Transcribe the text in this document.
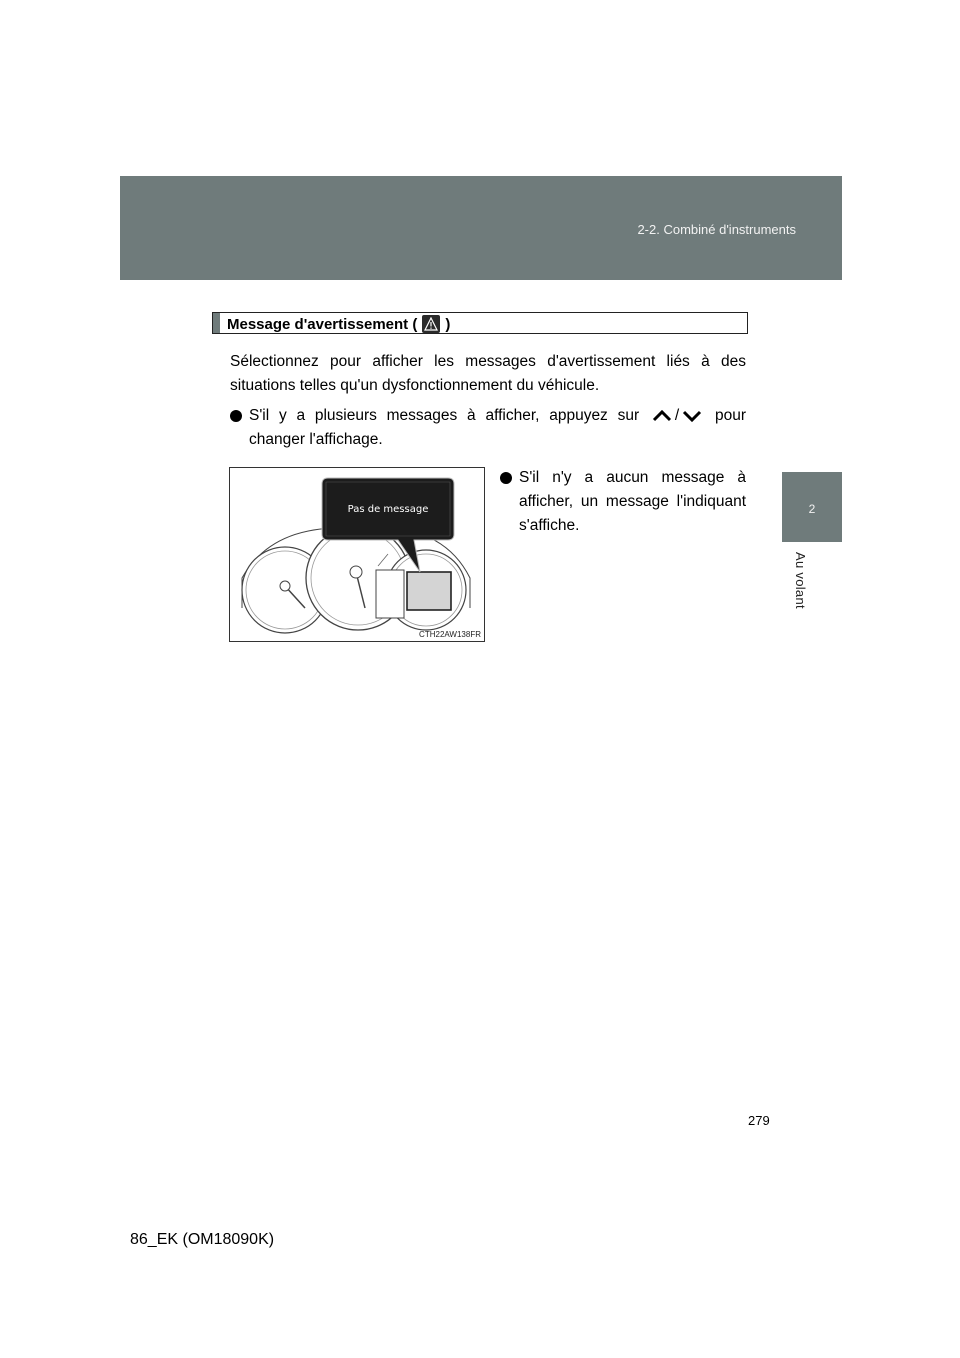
2-2. Combiné d'instruments
2
Au volant
Message d'avertissement ( )
Sélectionnez pour afficher les messages d'avertissement liés à des situations telles qu'un dysfonctionnement du véhicule.
S'il y a plusieurs messages à afficher, appuyez sur / pour changer l'affichage.
Pas de message
CTH22AW138FR
S'il n'y a aucun message à afficher, un message l'indiquant s'affiche.
279
86_EK (OM18090K)
